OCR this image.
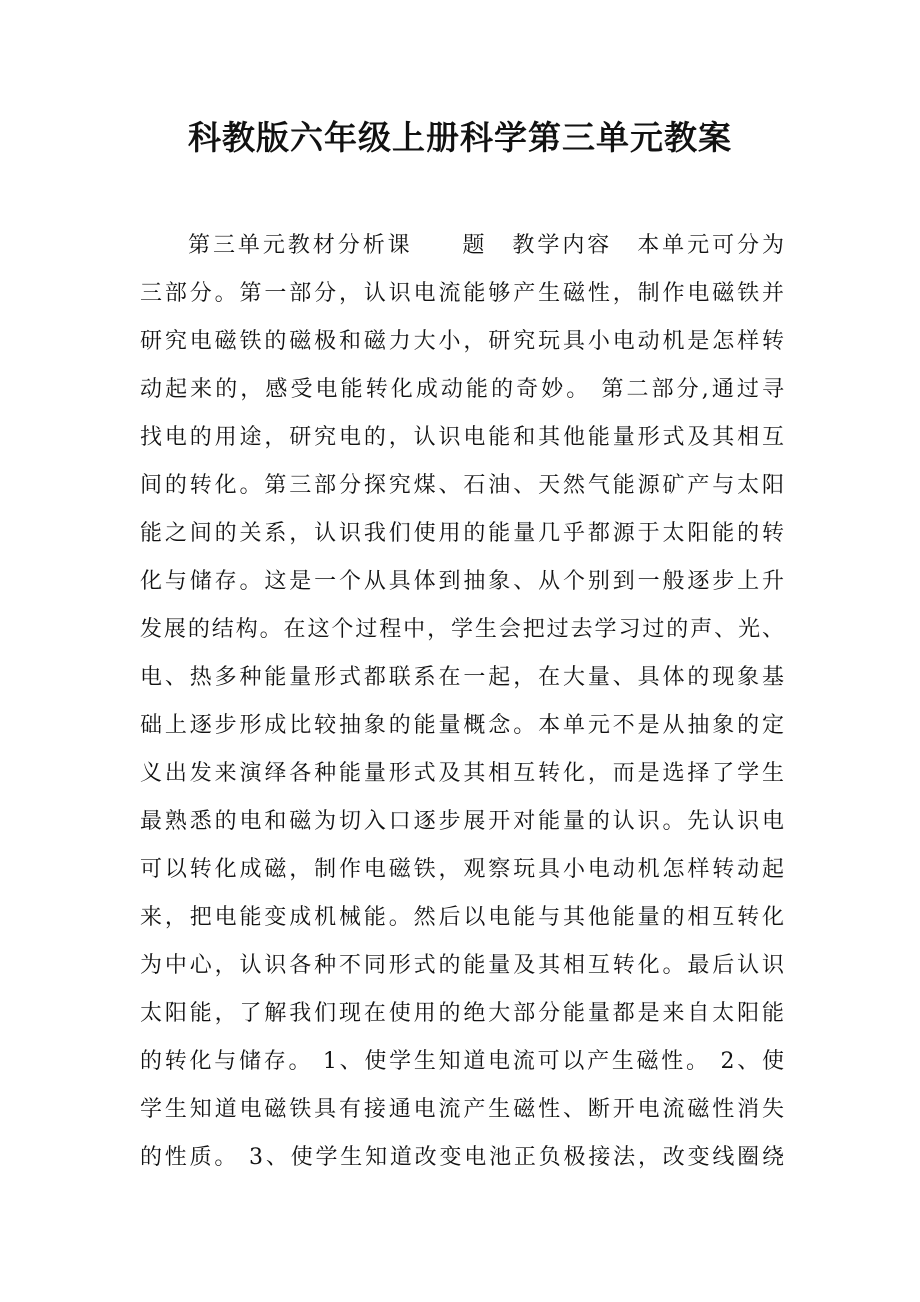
科教版六年级上册科学第三单元教案
第三单元教材分析课　　题　教学内容　本单元可分为
三部分。第一部分，认识电流能够产生磁性，制作电磁铁并
研究电磁铁的磁极和磁力大小，研究玩具小电动机是怎样转
动起来的，感受电能转化成动能的奇妙。 第二部分,通过寻
找电的用途，研究电的，认识电能和其他能量形式及其相互
间的转化。第三部分探究煤、石油、天然气能源矿产与太阳
能之间的关系，认识我们使用的能量几乎都源于太阳能的转
化与储存。这是一个从具体到抽象、从个别到一般逐步上升
发展的结构。在这个过程中，学生会把过去学习过的声、光、
电、热多种能量形式都联系在一起，在大量、具体的现象基
础上逐步形成比较抽象的能量概念。本单元不是从抽象的定
义出发来演绎各种能量形式及其相互转化，而是选择了学生
最熟悉的电和磁为切入口逐步展开对能量的认识。先认识电
可以转化成磁，制作电磁铁，观察玩具小电动机怎样转动起
来，把电能变成机械能。然后以电能与其他能量的相互转化
为中心，认识各种不同形式的能量及其相互转化。最后认识
太阳能，了解我们现在使用的绝大部分能量都是来自太阳能
的转化与储存。 1、使学生知道电流可以产生磁性。 2、使
学生知道电磁铁具有接通电流产生磁性、断开电流磁性消失
的性质。 3、使学生知道改变电池正负极接法，改变线圈绕
